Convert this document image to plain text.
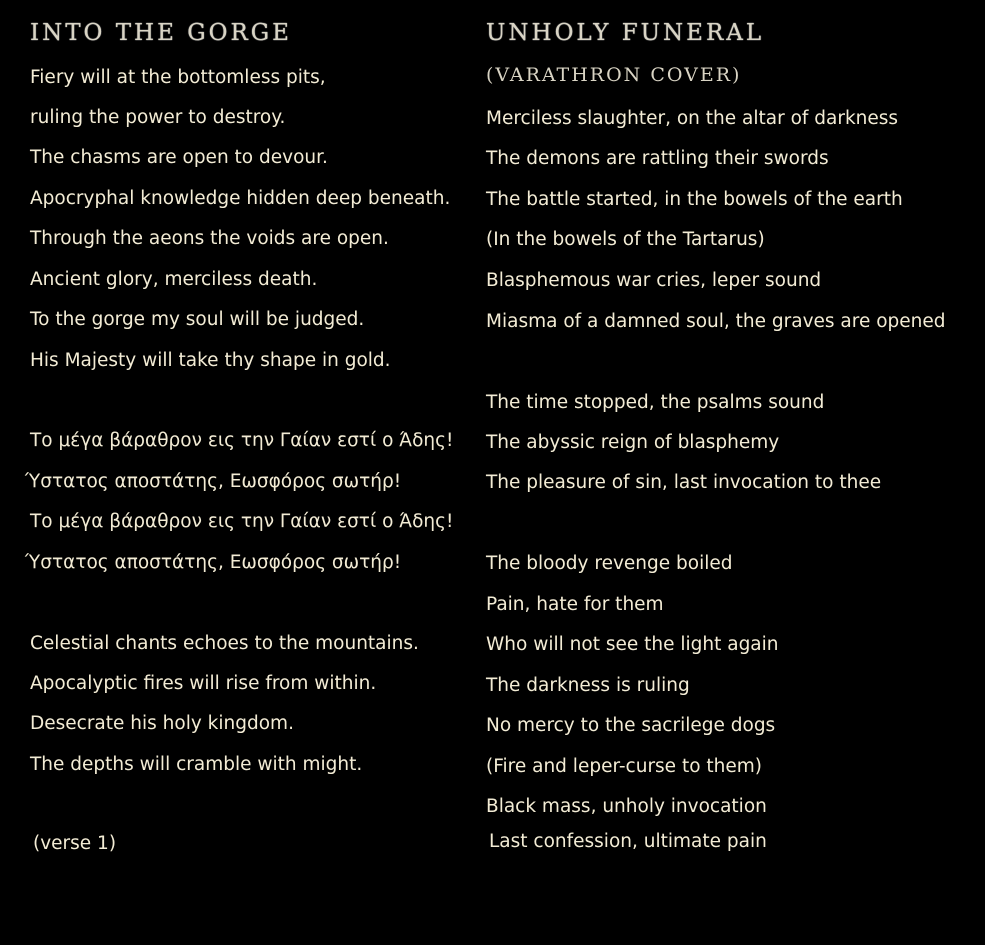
INTO THE GORGE
Fiery will at the bottomless pits,
ruling the power to destroy.
The chasms are open to devour.
Apocryphal knowledge hidden deep beneath.
Through the aeons the voids are open.
Ancient glory, merciless death.
To the gorge my soul will be judged.
His Majesty will take thy shape in gold.
Το μέγα βάραθρον εις την Γαίαν εστί ο Άδης!
Ύστατος αποστάτης, Εωσφόρος σωτήρ!
Το μέγα βάραθρον εις την Γαίαν εστί ο Άδης!
Ύστατος αποστάτης, Εωσφόρος σωτήρ!
Celestial chants echoes to the mountains.
Apocalyptic fires will rise from within.
Desecrate his holy kingdom.
The depths will cramble with might.
(verse 1)
UNHOLY FUNERAL
(VARATHRON COVER)
Merciless slaughter, on the altar of darkness
The demons are rattling their swords
The battle started, in the bowels of the earth
(In the bowels of the Tartarus)
Blasphemous war cries, leper sound
Miasma of a damned soul, the graves are opened
The time stopped, the psalms sound
The abyssic reign of blasphemy
The pleasure of sin, last invocation to thee
The bloody revenge boiled
Pain, hate for them
Who will not see the light again
The darkness is ruling
No mercy to the sacrilege dogs
(Fire and leper-curse to them)
Black mass, unholy invocation
Last confession, ultimate pain
